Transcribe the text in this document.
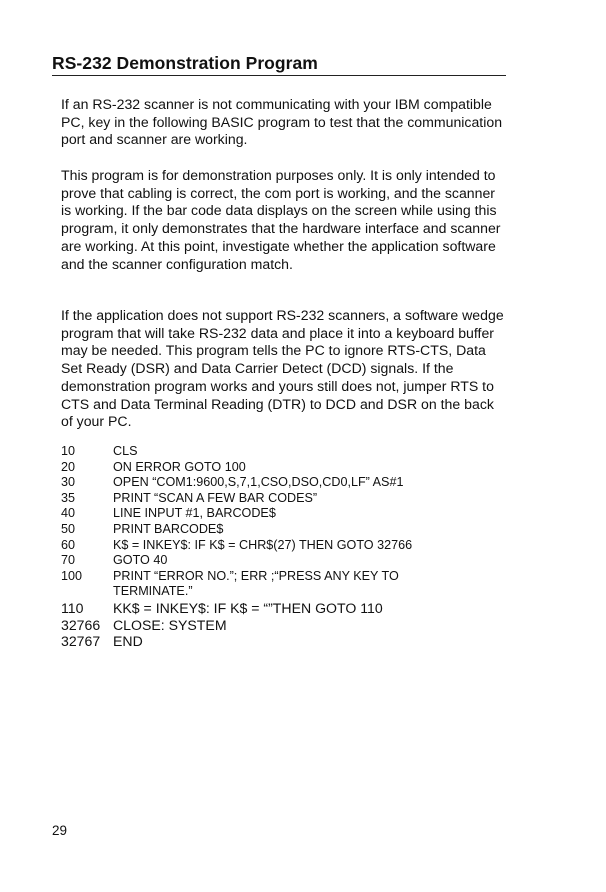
RS-232 Demonstration Program

If an RS-232 scanner is not communicating with your IBM compatible PC, key in the following BASIC program to test that the communication port and scanner are working.

This program is for demonstration purposes only. It is only intended to prove that cabling is correct, the com port is working, and the scanner is working. If the bar code data displays on the screen while using this program, it only demonstrates that the hardware interface and scanner are working. At this point, investigate whether the application software and the scanner configuration match.

If the application does not support RS-232 scanners, a software wedge program that will take RS-232 data and place it into a keyboard buffer may be needed. This program tells the PC to ignore RTS-CTS, Data Set Ready (DSR) and Data Carrier Detect (DCD) signals. If the demonstration program works and yours still does not, jumper RTS to CTS and Data Terminal Reading (DTR) to DCD and DSR on the back of your PC.

10	CLS
20	ON ERROR GOTO 100
30	OPEN “COM1:9600,S,7,1,CSO,DSO,CD0,LF” AS#1
35	PRINT “SCAN A FEW BAR CODES”
40	LINE INPUT #1, BARCODE$
50	PRINT BARCODE$
60	K$ = INKEY$: IF K$ = CHR$(27) THEN GOTO 32766
70	GOTO 40
100	PRINT “ERROR NO.”; ERR ;“PRESS ANY KEY TO
TERMINATE.”
110	KK$ = INKEY$: IF K$ = “”THEN GOTO 110
32766 CLOSE: SYSTEM
32767 END
29
